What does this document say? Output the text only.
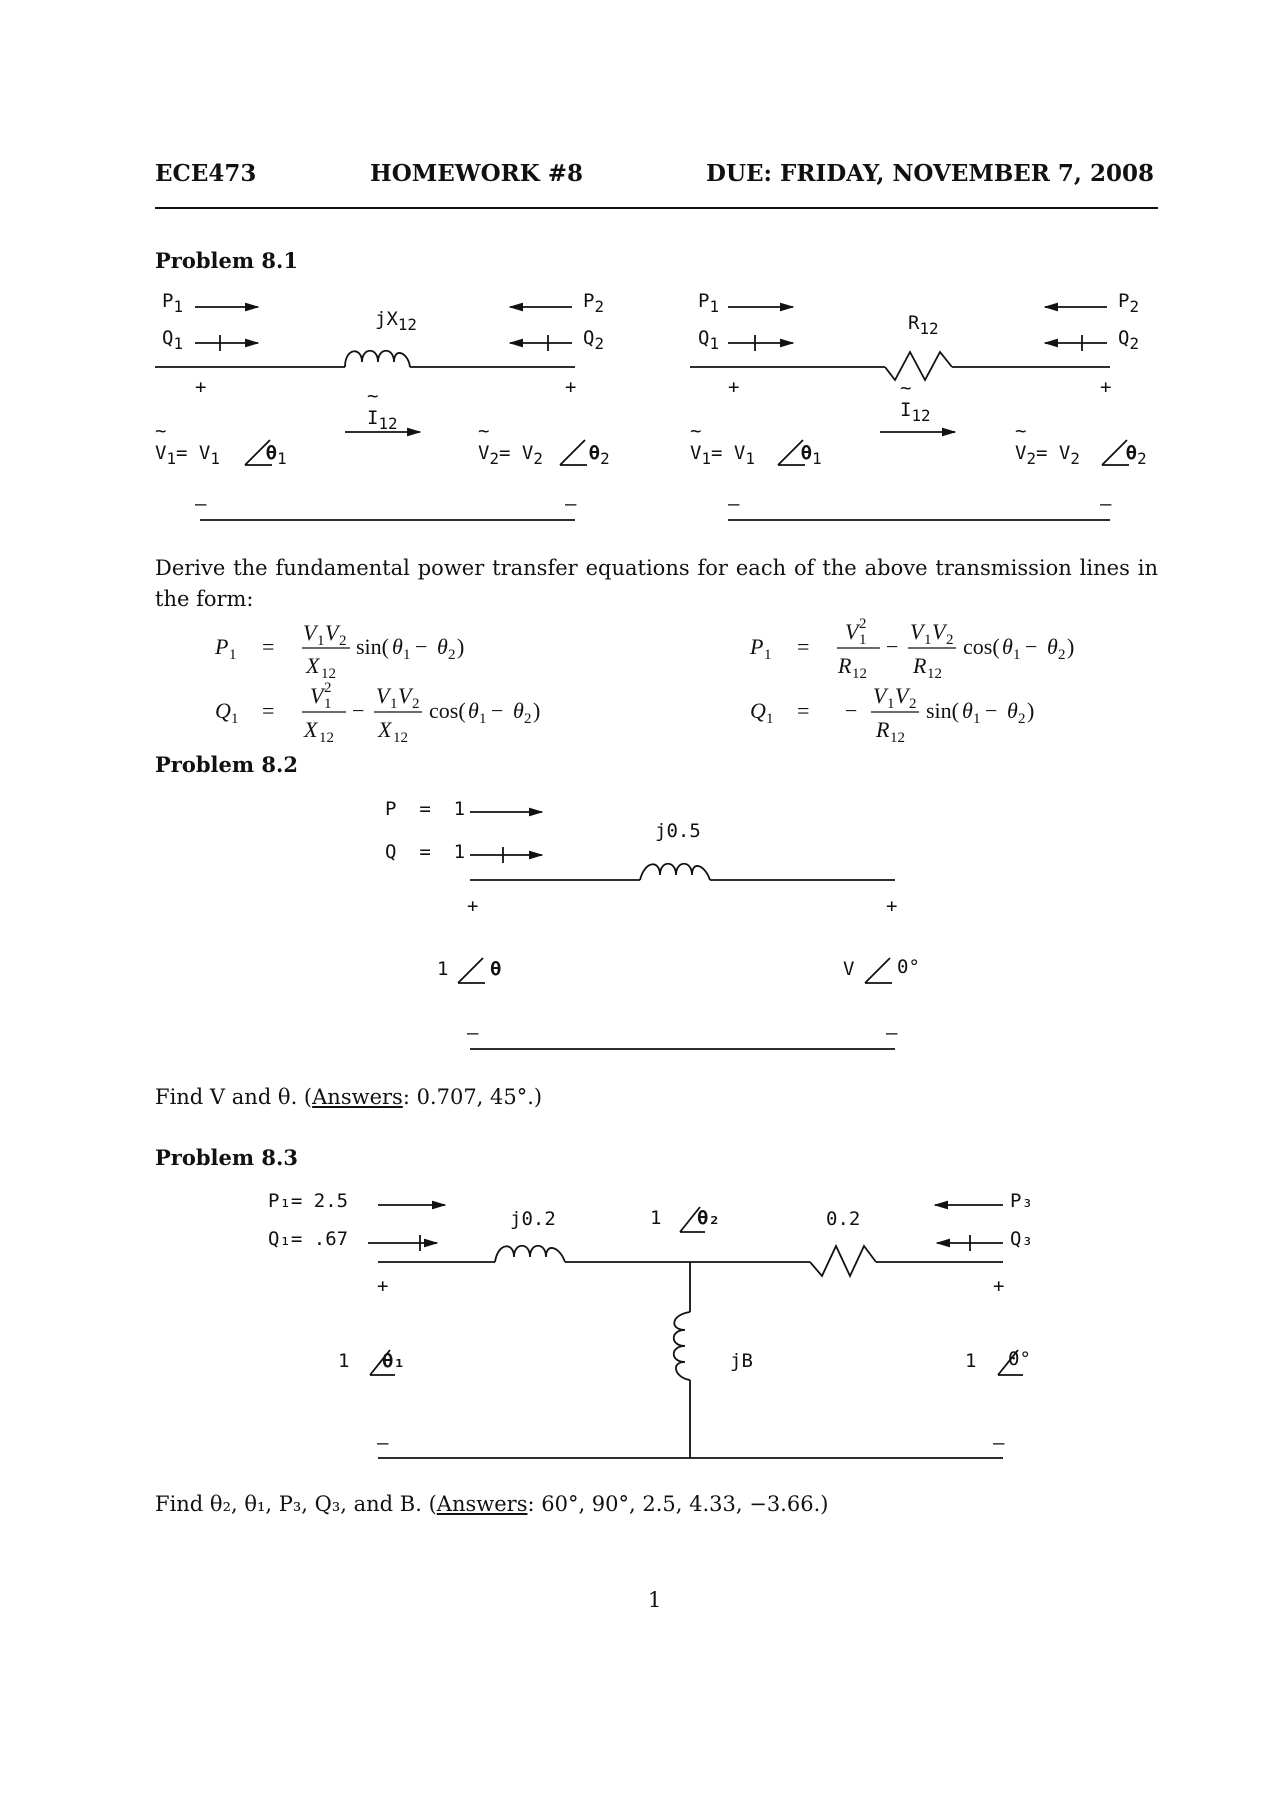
ECE473	HOMEWORK #8	DUE: FRIDAY, NOVEMBER 7, 2008
Problem 8.1
$P_1$
$Q_1$
$P_2$
$Q_2$
$jX_{12}$
+	+
~
$I_{12}$
~
$V_1= V_1$ $\theta_1$
~
$V_2= V_2$ $\theta_2$
–	–
$P_1$
$Q_1$
$P_2$
$Q_2$
$R_{12}$
+	+
~
$I_{12}$
~
$V_1= V_1$ $\theta_1$
~
$V_2= V_2$ $\theta_2$
–	–
Derive the fundamental power transfer equations for each of the above transmission lines in the form:
P 1 =
V 1 V 2
X 12
sin( θ 1 − θ 2 )
Q 1 =
V 2
1
X 12
−
V 1 V 2
X 12
cos( θ 1 − θ 2 )
P 1 =
V 2
1
R 12
−
V 1 V 2
R 12
cos( θ 1 − θ 2 )
Q 1 = −
V 1 V 2
R 12
sin( θ 1 − θ 2 )
Problem 8.2
P  =  1
Q  =  1
j0.5
+	+
1 θ	V 0°
–	–
Find V and θ. (Answers: 0.707, 45°.)
Problem 8.3
P₁= 2.5
Q₁= .67
j0.2	1 θ₂	0.2
P₃
Q₃
+	+
1 θ₁	jB	1 0°
–	–
Find θ₂, θ₁, P₃, Q₃, and B. (Answers: 60°, 90°, 2.5, 4.33, −3.66.)
1
